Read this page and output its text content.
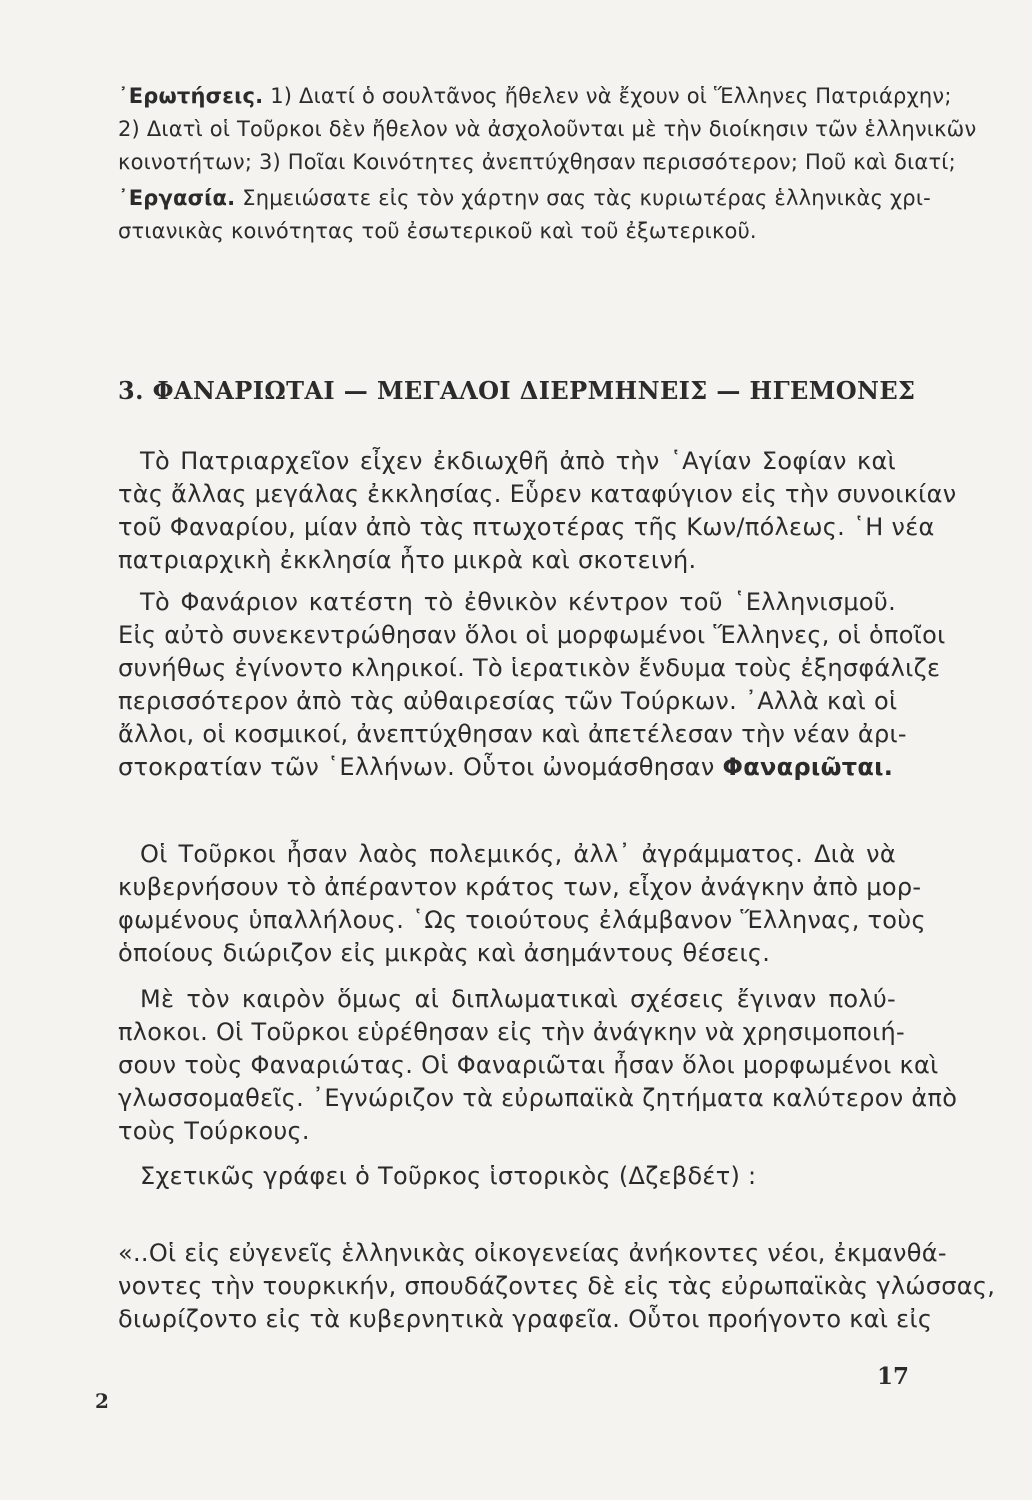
᾿Ερωτήσεις. 1) Διατί ὁ σουλτᾶνος ἤθελεν νὰ ἔχουν οἱ Ἕλληνες Πατριάρχην;
2) Διατὶ οἱ Τοῦρκοι δὲν ἤθελον νὰ ἀσχολοῦνται μὲ τὴν διοίκησιν τῶν ἑλληνικῶν
κοινοτήτων; 3) Ποῖαι Κοινότητες ἀνεπτύχθησαν περισσότερον; Ποῦ καὶ διατί;
᾿Εργασία. Σημειώσατε εἰς τὸν χάρτην σας τὰς κυριωτέρας ἑλληνικὰς χρι-
στιανικὰς κοινότητας τοῦ ἐσωτερικοῦ καὶ τοῦ ἐξωτερικοῦ.
3. ΦΑΝΑΡΙΩΤΑΙ — ΜΕΓΑΛΟΙ ΔΙΕΡΜΗΝΕΙΣ — ΗΓΕΜΟΝΕΣ
Τὸ Πατριαρχεῖον εἶχεν ἐκδιωχθῆ ἀπὸ τὴν ῾Αγίαν Σοφίαν καὶ
τὰς ἄλλας μεγάλας ἐκκλησίας. Εὗρεν καταφύγιον εἰς τὴν συνοικίαν
τοῦ Φαναρίου, μίαν ἀπὸ τὰς πτωχοτέρας τῆς Κων/πόλεως. ῾Η νέα
πατριαρχικὴ ἐκκλησία ἦτο μικρὰ καὶ σκοτεινή.
Τὸ Φανάριον κατέστη τὸ ἐθνικὸν κέντρον τοῦ ῾Ελληνισμοῦ.
Εἰς αὐτὸ συνεκεντρώθησαν ὅλοι οἱ μορφωμένοι Ἕλληνες, οἱ ὁποῖοι
συνήθως ἐγίνοντο κληρικοί. Τὸ ἱερατικὸν ἔνδυμα τοὺς ἐξησφάλιζε
περισσότερον ἀπὸ τὰς αὐθαιρεσίας τῶν Τούρκων. ᾿Αλλὰ καὶ οἱ
ἄλλοι, οἱ κοσμικοί, ἀνεπτύχθησαν καὶ ἀπετέλεσαν τὴν νέαν ἀρι-
στοκρατίαν τῶν ῾Ελλήνων. Οὗτοι ὠνομάσθησαν Φαναριῶται.
Οἱ Τοῦρκοι ἦσαν λαὸς πολεμικός, ἀλλ᾿ ἀγράμματος. Διὰ νὰ
κυβερνήσουν τὸ ἀπέραντον κράτος των, εἶχον ἀνάγκην ἀπὸ μορ-
φωμένους ὑπαλλήλους. ῾Ως τοιούτους ἐλάμβανον Ἕλληνας, τοὺς
ὁποίους διώριζον εἰς μικρὰς καὶ ἀσημάντους θέσεις.
Μὲ τὸν καιρὸν ὅμως αἱ διπλωματικαὶ σχέσεις ἔγιναν πολύ-
πλοκοι. Οἱ Τοῦρκοι εὑρέθησαν εἰς τὴν ἀνάγκην νὰ χρησιμοποιή-
σουν τοὺς Φαναριώτας. Οἱ Φαναριῶται ἦσαν ὅλοι μορφωμένοι καὶ
γλωσσομαθεῖς. ᾿Εγνώριζον τὰ εὐρωπαϊκὰ ζητήματα καλύτερον ἀπὸ
τοὺς Τούρκους.
Σχετικῶς γράφει ὁ Τοῦρκος ἱστορικὸς (Δζεβδέτ) :
«..Οἱ εἰς εὐγενεῖς ἑλληνικὰς οἰκογενείας ἀνήκοντες νέοι, ἐκμανθά-
νοντες τὴν τουρκικήν, σπουδάζοντες δὲ εἰς τὰς εὐρωπαϊκὰς γλώσσας,
διωρίζοντο εἰς τὰ κυβερνητικὰ γραφεῖα. Οὗτοι προήγοντο καὶ εἰς
2
17
